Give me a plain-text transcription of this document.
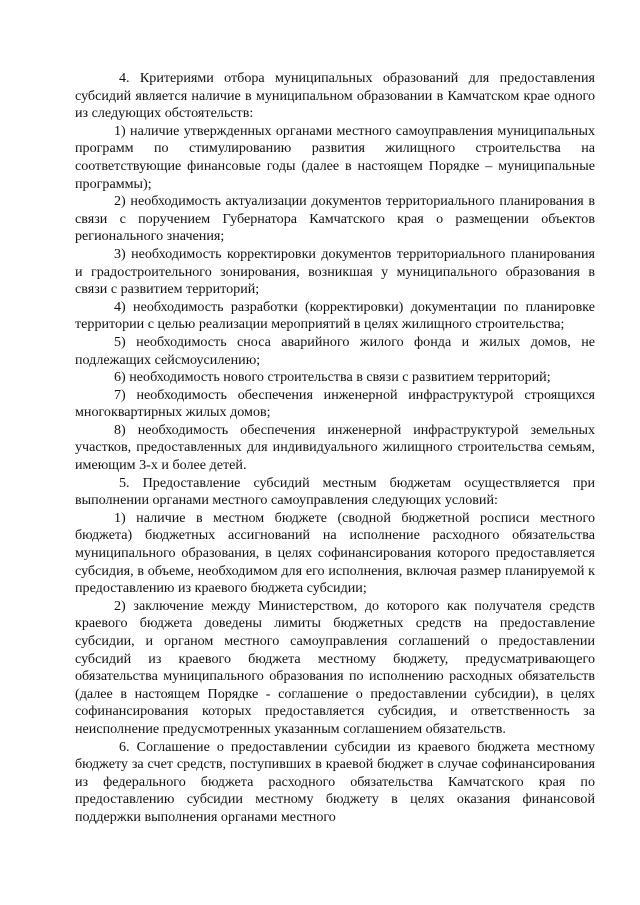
4. Критериями отбора муниципальных образований для предоставления субсидий является наличие в муниципальном образовании в Камчатском крае одного из следующих обстоятельств:

1) наличие утвержденных органами местного самоуправления муниципальных программ по стимулированию развития жилищного строительства на соответствующие финансовые годы (далее в настоящем Порядке – муниципальные программы);

2) необходимость актуализации документов территориального планирования в связи с поручением Губернатора Камчатского края о размещении объектов регионального значения;

3) необходимость корректировки документов территориального планирования и градостроительного зонирования, возникшая у муниципального образования в связи с развитием территорий;

4) необходимость разработки (корректировки) документации по планировке территории с целью реализации мероприятий в целях жилищного строительства;

5) необходимость сноса аварийного жилого фонда и жилых домов, не подлежащих сейсмоусилению;

6) необходимость нового строительства в связи с развитием территорий;

7) необходимость обеспечения инженерной инфраструктурой строящихся многоквартирных жилых домов;

8) необходимость обеспечения инженерной инфраструктурой земельных участков, предоставленных для индивидуального жилищного строительства семьям, имеющим 3-х и более детей.

5. Предоставление субсидий местным бюджетам осуществляется при выполнении органами местного самоуправления следующих условий:

1) наличие в местном бюджете (сводной бюджетной росписи местного бюджета) бюджетных ассигнований на исполнение расходного обязательства муниципального образования, в целях софинансирования которого предоставляется субсидия, в объеме, необходимом для его исполнения, включая размер планируемой к предоставлению из краевого бюджета субсидии;

2) заключение между Министерством, до которого как получателя средств краевого бюджета доведены лимиты бюджетных средств на предоставление субсидии, и органом местного самоуправления соглашений о предоставлении субсидий из краевого бюджета местному бюджету, предусматривающего обязательства муниципального образования по исполнению расходных обязательств (далее в настоящем Порядке - соглашение о предоставлении субсидии), в целях софинансирования которых предоставляется субсидия, и ответственность за неисполнение предусмотренных указанным соглашением обязательств.

6. Соглашение о предоставлении субсидии из краевого бюджета местному бюджету за счет средств, поступивших в краевой бюджет в случае софинансирования из федерального бюджета расходного обязательства Камчатского края по предоставлению субсидии местному бюджету в целях оказания финансовой поддержки выполнения органами местного
